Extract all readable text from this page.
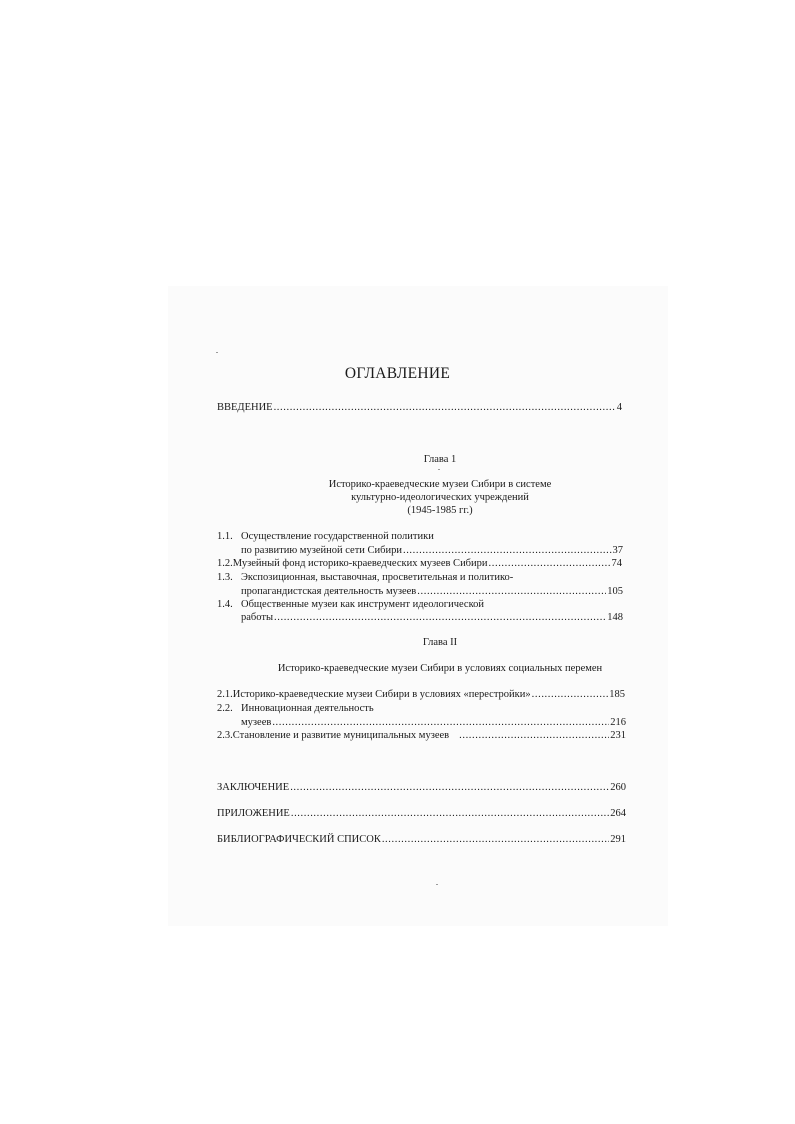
ОГЛАВЛЕНИЕ
ВВЕДЕНИЕ .....	4
Глава 1
Историко-краеведческие музеи Сибири в системе
культурно-идеологических учреждений
(1945-1985 гг.)
1.1. Осуществление государственной политики
по развитию музейной сети Сибири .....	37
1.2. Музейный фонд историко-краеведческих музеев Сибири .....	74
1.3. Экспозиционная, выставочная, просветительная и политико-
пропагандистская деятельность музеев .....	105
1.4. Общественные музеи как инструмент идеологической
работы .....	148
Глава II
Историко-краеведческие музеи Сибири в условиях социальных перемен
2.1. Историко-краеведческие музеи Сибири в условиях «перестройки» .....	185
2.2. Инновационная деятельность
музеев .....	216
2.3. Становление и развитие муниципальных музеев .....	231
ЗАКЛЮЧЕНИЕ .....	260
ПРИЛОЖЕНИЕ .....	264
БИБЛИОГРАФИЧЕСКИЙ СПИСОК .....	291
